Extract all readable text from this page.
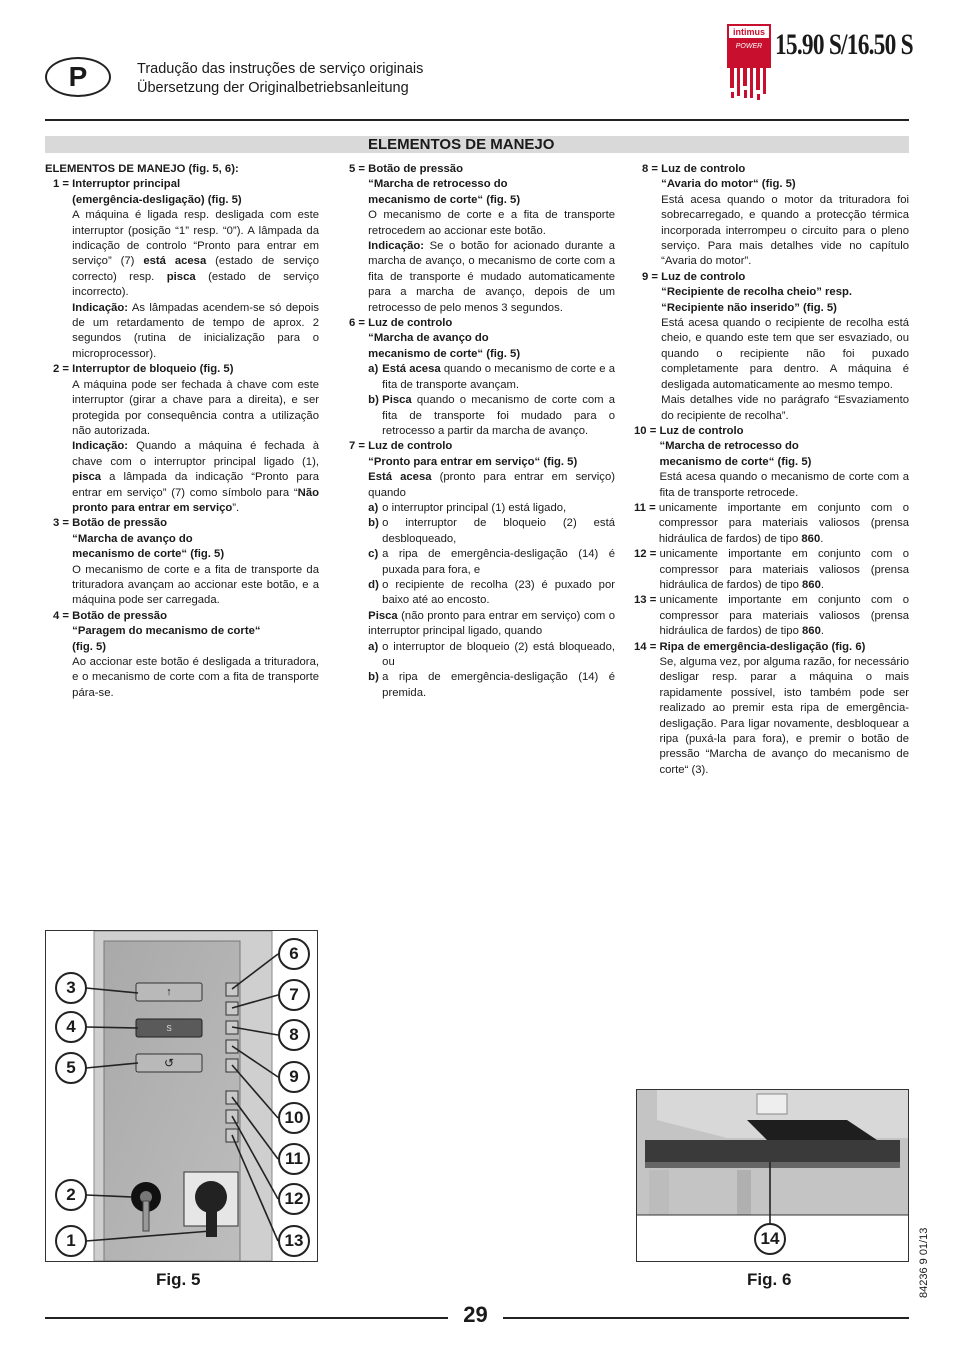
P	Tradução das instruções de serviço originais
Übersetzung der Originalbetriebsanleitung
intimus
POWER 15.90 S/16.50 S
ELEMENTOS DE MANEJO
ELEMENTOS DE MANEJO (fig. 5, 6):
1 = Interruptor principal
(emergência-desligação) (fig. 5)
A máquina é ligada resp. desligada com este interruptor (posição “1” resp. “0”). A lâmpada da indicação de controlo “Pronto para entrar em serviço” (7) está acesa (estado de serviço correcto) resp. pisca (estado de serviço incorrecto).
Indicação: As lâmpadas acendem-se só depois de um retardamento de tempo de aprox. 2 segundos (rutina de inicialização para o microprocessor).
2 = Interruptor de bloqueio (fig. 5)
A máquina pode ser fechada à chave com este interruptor (girar a chave para a direita), e ser protegida por consequência contra a utilização não autorizada.
Indicação: Quando a máquina é fechada à chave com o interruptor principal ligado (1), pisca a lâmpada da indicação “Pronto para entrar em serviço” (7) como símbolo para “Não pronto para entrar em serviço”.
3 = Botão de pressão
“Marcha de avanço do
mecanismo de corte“ (fig. 5)
O mecanismo de corte e a fita de transporte da trituradora avançam ao accionar este botão, e a máquina pode ser carregada.
4 = Botão de pressão
“Paragem do mecanismo de corte“
(fig. 5)
Ao accionar este botão é desligada a trituradora, e o mecanismo de corte com a fita de transporte pára-se.
5 = Botão de pressão
“Marcha de retrocesso do
mecanismo de corte“ (fig. 5)
O mecanismo de corte e a fita de transporte retrocedem ao accionar este botão.
Indicação: Se o botão for acionado durante a marcha de avanço, o mecanismo de corte com a fita de transporte é mudado automaticamente para a marcha de avanço, depois de um retrocesso de pelo menos 3 segundos.
6 = Luz de controlo
“Marcha de avanço do
mecanismo de corte“ (fig. 5)
a) Está acesa quando o mecanismo de corte e a fita de transporte avançam.
b) Pisca quando o mecanismo de corte com a fita de transporte foi mudado para o retrocesso a partir da marcha de avanço.
7 = Luz de controlo
“Pronto para entrar em serviço“ (fig. 5)
Está acesa (pronto para entrar em serviço) quando
a) o interruptor principal (1) está ligado,
b) o interruptor de bloqueio (2) está desbloqueado,
c) a ripa de emergência-desligação (14) é puxada para fora, e
d) o recipiente de recolha (23) é puxado por baixo até ao encosto.
Pisca (não pronto para entrar em serviço) com o interruptor principal ligado, quando
a) o interruptor de bloqueio (2) está bloqueado, ou
b) a ripa de emergência-desligação (14) é premida.
8 = Luz de controlo
“Avaria do motor“ (fig. 5)
Está acesa quando o motor da trituradora foi sobrecarregado, e quando a protecção térmica incorporada interrompeu o circuito para o pleno serviço. Para mais detalhes vide no capítulo “Avaria do motor”.
9 = Luz de controlo
“Recipiente de recolha cheio” resp.
“Recipiente não inserido” (fig. 5)
Está acesa quando o recipiente de recolha está cheio, e quando este tem que ser esvaziado, ou quando o recipiente não foi puxado completamente para dentro. A máquina é desligada automaticamente ao mesmo tempo.
Mais detalhes vide no parágrafo “Esvaziamento do recipiente de recolha”.
10 = Luz de controlo
“Marcha de retrocesso do
mecanismo de corte“ (fig. 5)
Está acesa quando o mecanismo de corte com a fita de transporte retrocede.
11 = unicamente importante em conjunto com o compressor para materiais valiosos (prensa hidráulica de fardos) de tipo 860.
12 = unicamente importante em conjunto com o compressor para materiais valiosos (prensa hidráulica de fardos) de tipo 860.
13 = unicamente importante em conjunto com o compressor para materiais valiosos (prensa hidráulica de fardos) de tipo 860.
14 = Ripa de emergência-desligação (fig. 6)
Se, alguma vez, por alguma razão, for necessário desligar resp. parar a máquina o mais rapidamente possível, isto também pode ser realizado ao premir esta ripa de emergência-desligação. Para ligar novamente, desbloquear a ripa (puxá-la para fora), e premir o botão de pressão “Marcha de avanço do mecanismo de corte“ (3).
↑
S
↺
3
4
5
2
1
6
7
8
9
10
11
12
13
Fig. 5
14
Fig. 6	84236 9 01/13
29
